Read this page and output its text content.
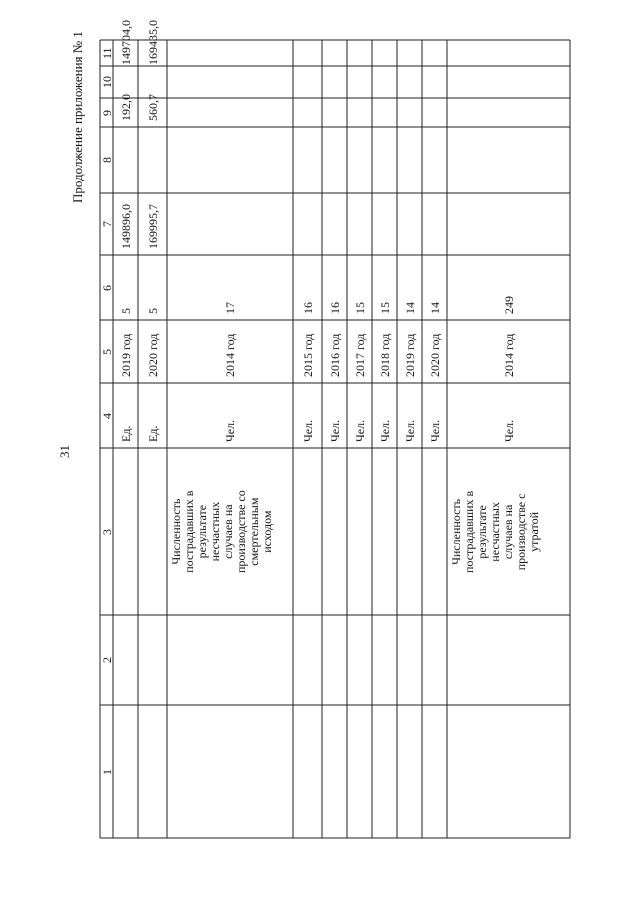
31
Продолжение приложения № 1
1
2
3
4
5
6
7
8
9
10
11
Ед.
2019 год
5
149896,0
192,0
149704,0
Ед.
2020 год
5
169995,7
560,7
169435,0
Численность
пострадавших в
результате
несчастных
случаев на
производстве со
смертельным
исходом
Чел.
2014 год
17
Чел.
2015 год
16
Чел.
2016 год
16
Чел.
2017 год
15
Чел.
2018 год
15
Чел.
2019 год
14
Чел.
2020 год
14
Численность
пострадавших в
результате
несчастных
случаев на
производстве с
утратой
Чел.
2014 год
249
